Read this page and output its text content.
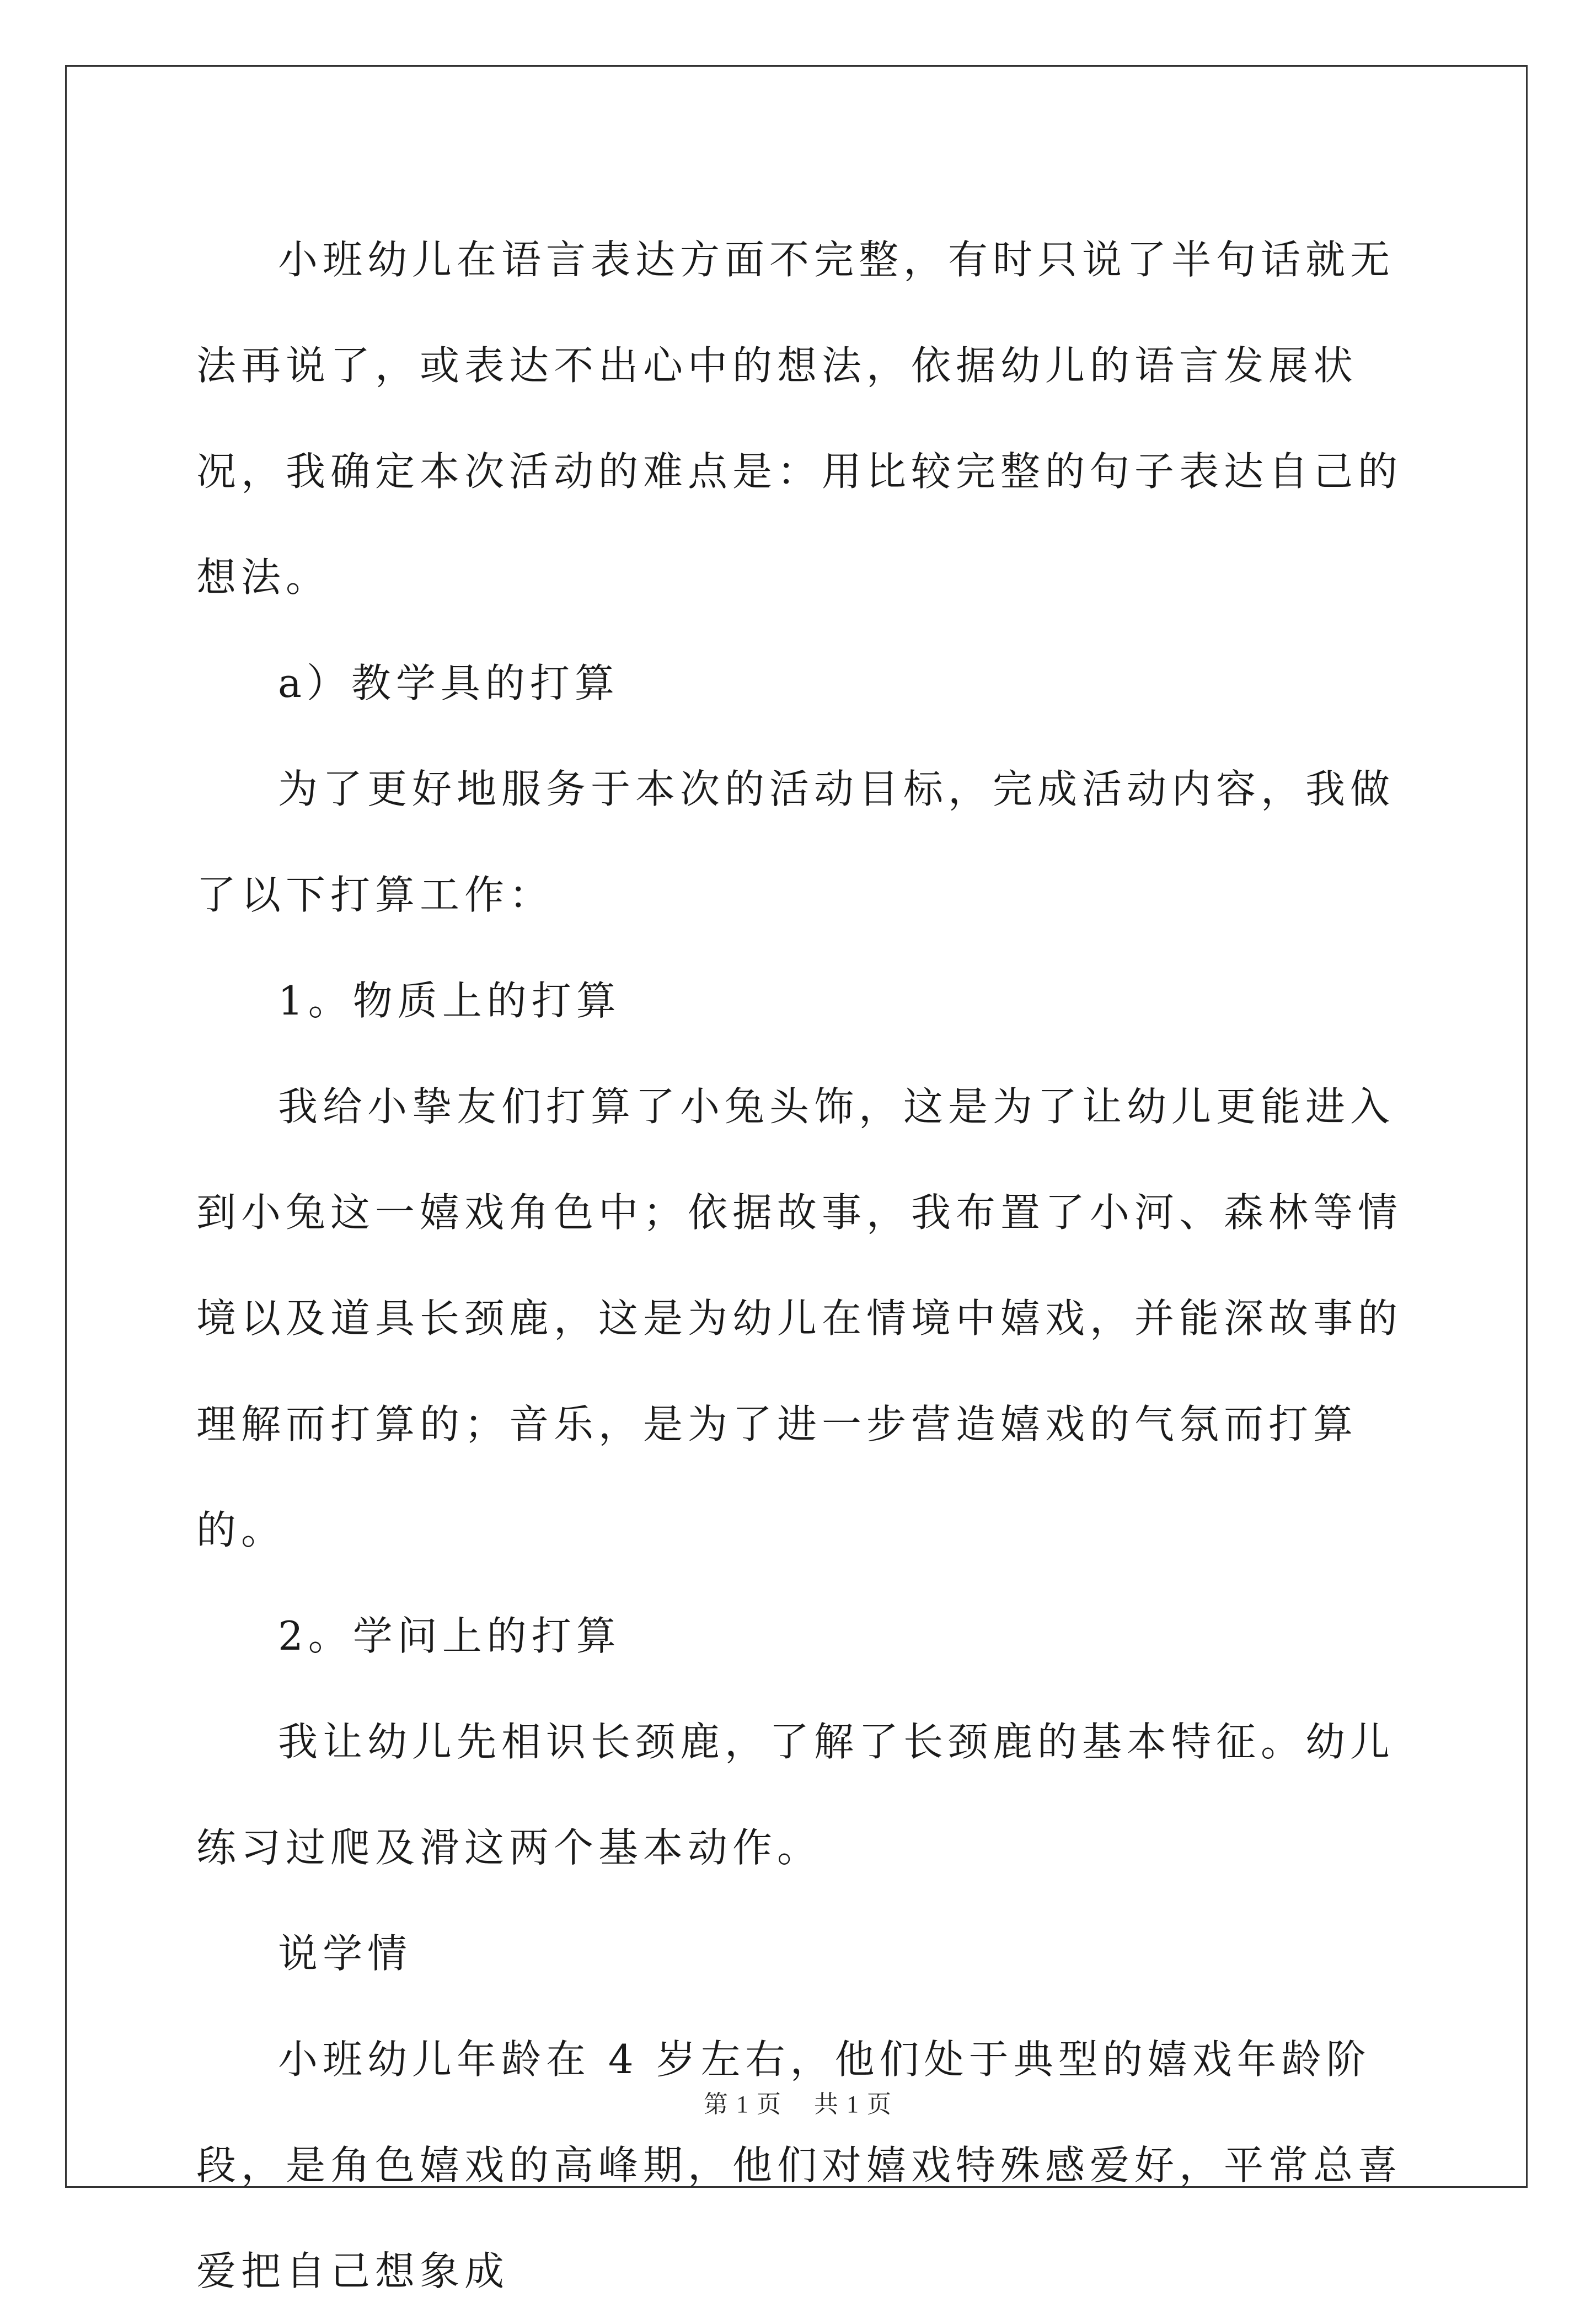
小班幼儿在语言表达方面不完整，有时只说了半句话就无法再说了，或表达不出心中的想法，依据幼儿的语言发展状况，我确定本次活动的难点是：用比较完整的句子表达自己的想法。

a）教学具的打算

为了更好地服务于本次的活动目标，完成活动内容，我做了以下打算工作：

1。物质上的打算

我给小挚友们打算了小兔头饰，这是为了让幼儿更能进入到小兔这一嬉戏角色中；依据故事，我布置了小河、森林等情境以及道具长颈鹿，这是为幼儿在情境中嬉戏，并能深故事的理解而打算的；音乐，是为了进一步营造嬉戏的气氛而打算的。

2。学问上的打算

我让幼儿先相识长颈鹿，了解了长颈鹿的基本特征。幼儿练习过爬及滑这两个基本动作。

说学情

小班幼儿年龄在 4 岁左右，他们处于典型的嬉戏年龄阶段，是角色嬉戏的高峰期，他们对嬉戏特殊感爱好，平常总喜爱把自己想象成

第 1 页 共 1 页
